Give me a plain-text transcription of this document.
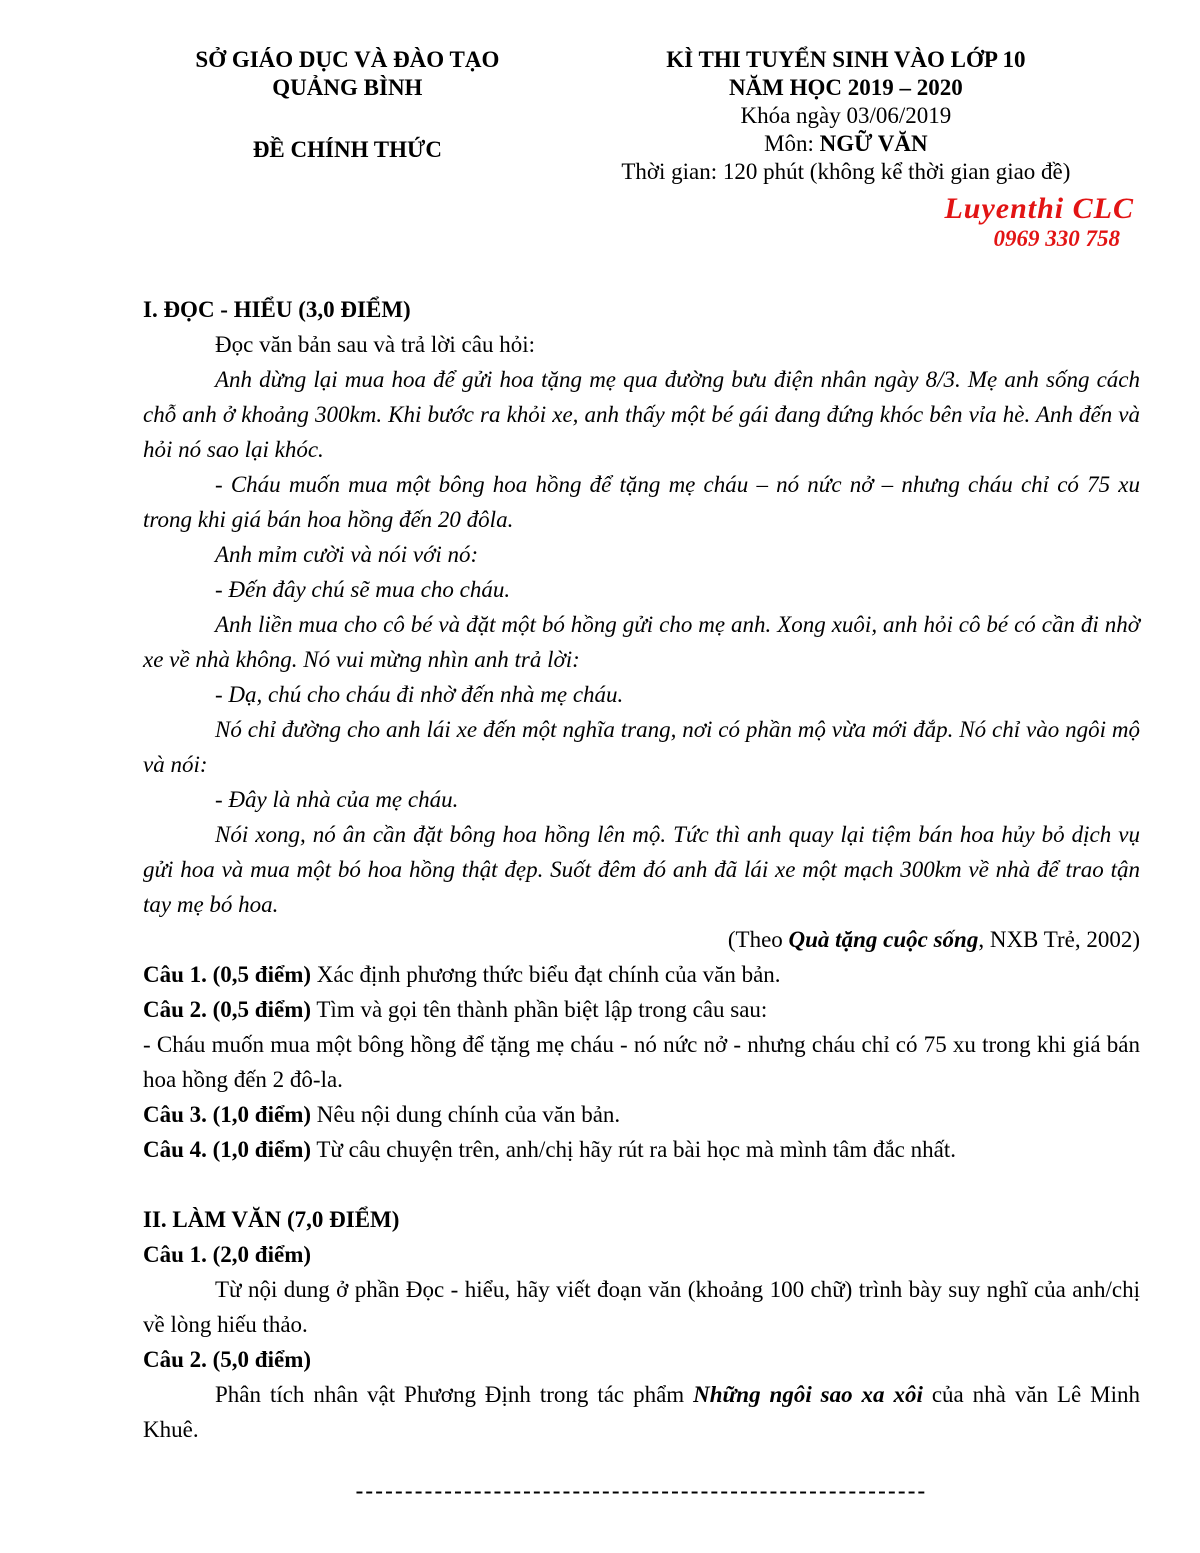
SỞ GIÁO DỤC VÀ ĐÀO TẠO
QUẢNG BÌNH
ĐỀ CHÍNH THỨC
KÌ THI TUYỂN SINH VÀO LỚP 10
NĂM HỌC 2019 – 2020
Khóa ngày 03/06/2019
Môn: NGỮ VĂN
Thời gian: 120 phút (không kể thời gian giao đề)
Luyenthi CLC
0969 330 758
I. ĐỌC - HIỂU (3,0 ĐIỂM)

Đọc văn bản sau và trả lời câu hỏi:

Anh dừng lại mua hoa để gửi hoa tặng mẹ qua đường bưu điện nhân ngày 8/3. Mẹ anh sống cách chỗ anh ở khoảng 300km. Khi bước ra khỏi xe, anh thấy một bé gái đang đứng khóc bên vỉa hè. Anh đến và hỏi nó sao lại khóc.

- Cháu muốn mua một bông hoa hồng để tặng mẹ cháu – nó nức nở – nhưng cháu chỉ có 75 xu trong khi giá bán hoa hồng đến 20 đôla.

Anh mỉm cười và nói với nó:

- Đến đây chú sẽ mua cho cháu.

Anh liền mua cho cô bé và đặt một bó hồng gửi cho mẹ anh. Xong xuôi, anh hỏi cô bé có cần đi nhờ xe về nhà không. Nó vui mừng nhìn anh trả lời:

- Dạ, chú cho cháu đi nhờ đến nhà mẹ cháu.

Nó chỉ đường cho anh lái xe đến một nghĩa trang, nơi có phần mộ vừa mới đắp. Nó chỉ vào ngôi mộ và nói:

- Đây là nhà của mẹ cháu.

Nói xong, nó ân cần đặt bông hoa hồng lên mộ. Tức thì anh quay lại tiệm bán hoa hủy bỏ dịch vụ gửi hoa và mua một bó hoa hồng thật đẹp. Suốt đêm đó anh đã lái xe một mạch 300km về nhà để trao tận tay mẹ bó hoa.

(Theo Quà tặng cuộc sống, NXB Trẻ, 2002)

Câu 1. (0,5 điểm) Xác định phương thức biểu đạt chính của văn bản.

Câu 2. (0,5 điểm) Tìm và gọi tên thành phần biệt lập trong câu sau:

- Cháu muốn mua một bông hồng để tặng mẹ cháu - nó nức nở - nhưng cháu chỉ có 75 xu trong khi giá bán hoa hồng đến 2 đô-la.

Câu 3. (1,0 điểm) Nêu nội dung chính của văn bản.

Câu 4. (1,0 điểm) Từ câu chuyện trên, anh/chị hãy rút ra bài học mà mình tâm đắc nhất.

II. LÀM VĂN (7,0 ĐIỂM)

Câu 1. (2,0 điểm)

Từ nội dung ở phần Đọc - hiểu, hãy viết đoạn văn (khoảng 100 chữ) trình bày suy nghĩ của anh/chị về lòng hiếu thảo.

Câu 2. (5,0 điểm)

Phân tích nhân vật Phương Định trong tác phẩm Những ngôi sao xa xôi của nhà văn Lê Minh Khuê.

----------------------------------------------------------
